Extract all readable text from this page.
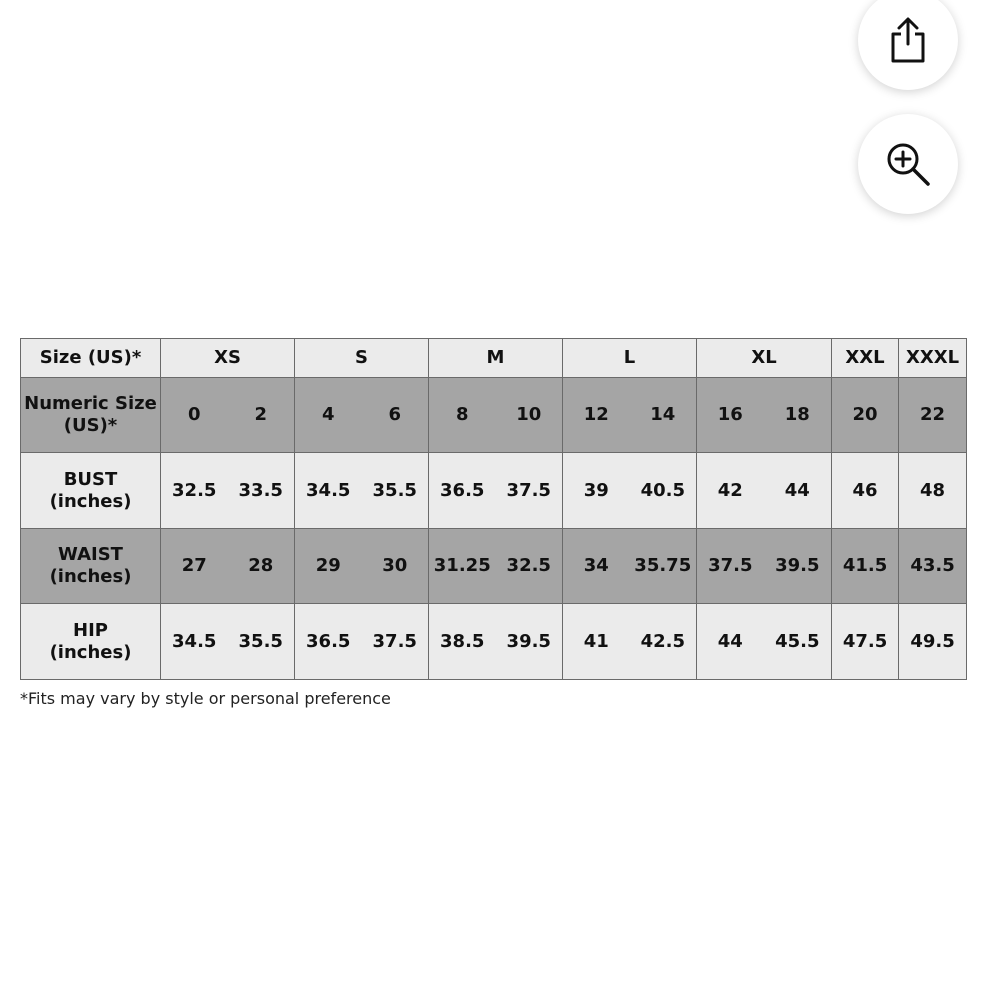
Size (US)*	XS		S		M		L		XL		XXL	XXXL
Numeric Size
(US)*	0	2	4	6	8	10	12	14	16	18	20	22
BUST
(inches)	32.5	33.5	34.5	35.5	36.5	37.5	39	40.5	42	44	46	48
WAIST
(inches)	27	28	29	30	31.25	32.5	34	35.75	37.5	39.5	41.5	43.5
HIP
(inches)	34.5	35.5	36.5	37.5	38.5	39.5	41	42.5	44	45.5	47.5	49.5
*Fits may vary by style or personal preference
